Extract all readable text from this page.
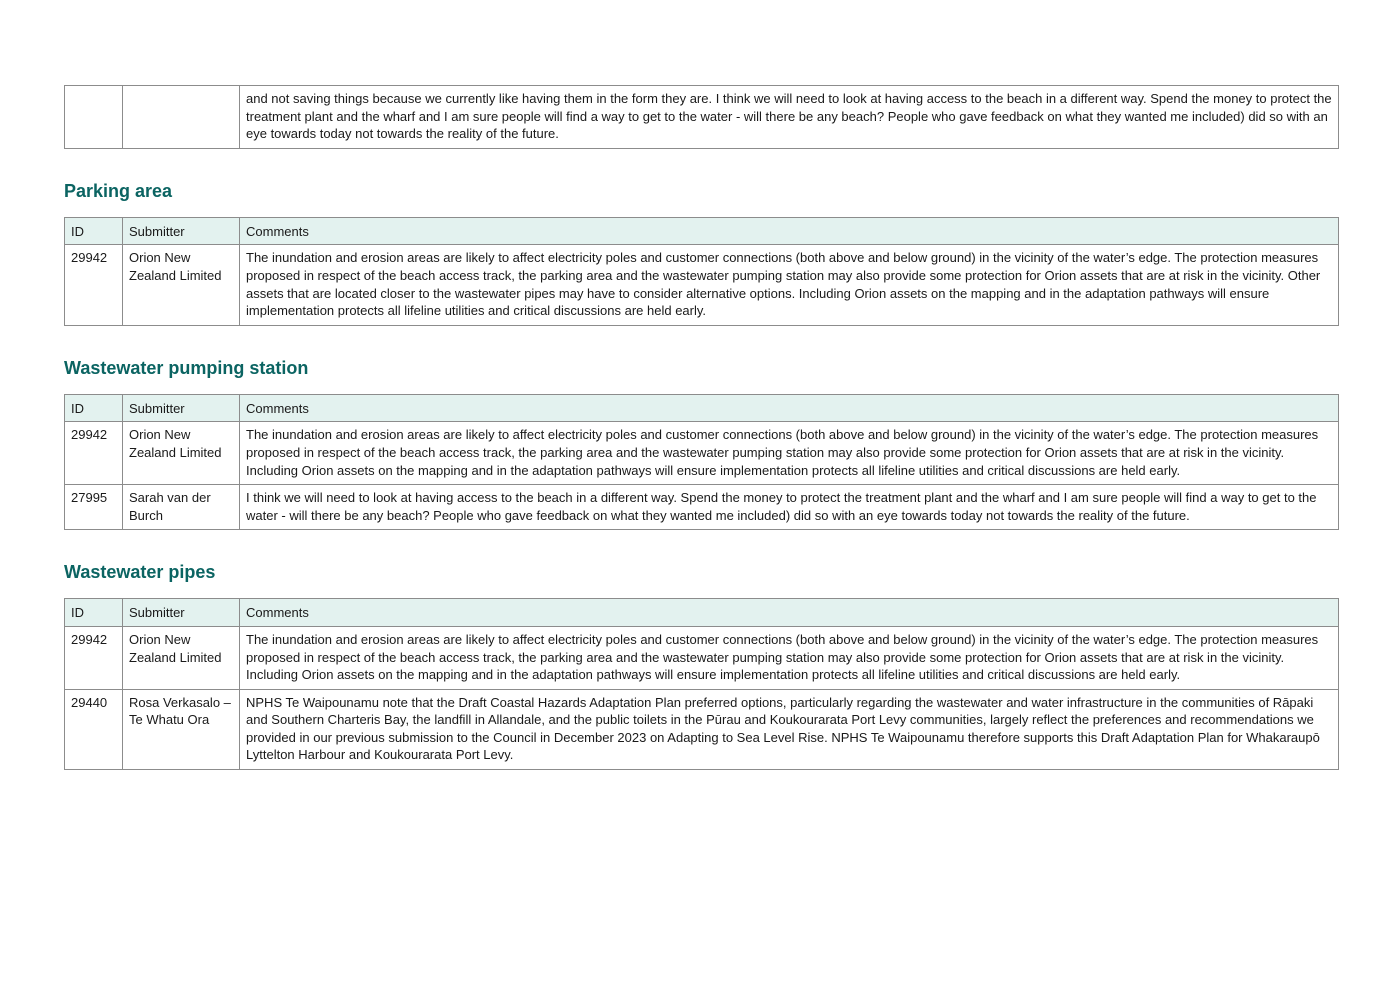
		and not saving things because we currently like having them in the form they are. I think we will need to look at having access to the beach in a different way. Spend the money to protect the treatment plant and the wharf and I am sure people will find a way to get to the water - will there be any beach? People who gave feedback on what they wanted me included) did so with an eye towards today not towards the reality of the future.
Parking area
ID	Submitter	Comments
29942	Orion New Zealand Limited	The inundation and erosion areas are likely to affect electricity poles and customer connections (both above and below ground) in the vicinity of the water’s edge. The protection measures proposed in respect of the beach access track, the parking area and the wastewater pumping station may also provide some protection for Orion assets that are at risk in the vicinity. Other assets that are located closer to the wastewater pipes may have to consider alternative options. Including Orion assets on the mapping and in the adaptation pathways will ensure implementation protects all lifeline utilities and critical discussions are held early.
Wastewater pumping station
ID	Submitter	Comments
29942	Orion New Zealand Limited	The inundation and erosion areas are likely to affect electricity poles and customer connections (both above and below ground) in the vicinity of the water’s edge. The protection measures proposed in respect of the beach access track, the parking area and the wastewater pumping station may also provide some protection for Orion assets that are at risk in the vicinity. Including Orion assets on the mapping and in the adaptation pathways will ensure implementation protects all lifeline utilities and critical discussions are held early.
27995	Sarah van der Burch	I think we will need to look at having access to the beach in a different way. Spend the money to protect the treatment plant and the wharf and I am sure people will find a way to get to the water - will there be any beach? People who gave feedback on what they wanted me included) did so with an eye towards today not towards the reality of the future.
Wastewater pipes
ID	Submitter	Comments
29942	Orion New Zealand Limited	The inundation and erosion areas are likely to affect electricity poles and customer connections (both above and below ground) in the vicinity of the water’s edge. The protection measures proposed in respect of the beach access track, the parking area and the wastewater pumping station may also provide some protection for Orion assets that are at risk in the vicinity. Including Orion assets on the mapping and in the adaptation pathways will ensure implementation protects all lifeline utilities and critical discussions are held early.
29440	Rosa Verkasalo – Te Whatu Ora	NPHS Te Waipounamu note that the Draft Coastal Hazards Adaptation Plan preferred options, particularly regarding the wastewater and water infrastructure in the communities of Rāpaki and Southern Charteris Bay, the landfill in Allandale, and the public toilets in the Pūrau and Koukourarata Port Levy communities, largely reflect the preferences and recommendations we provided in our previous submission to the Council in December 2023 on Adapting to Sea Level Rise. NPHS Te Waipounamu therefore supports this Draft Adaptation Plan for Whakaraupō Lyttelton Harbour and Koukourarata Port Levy.
